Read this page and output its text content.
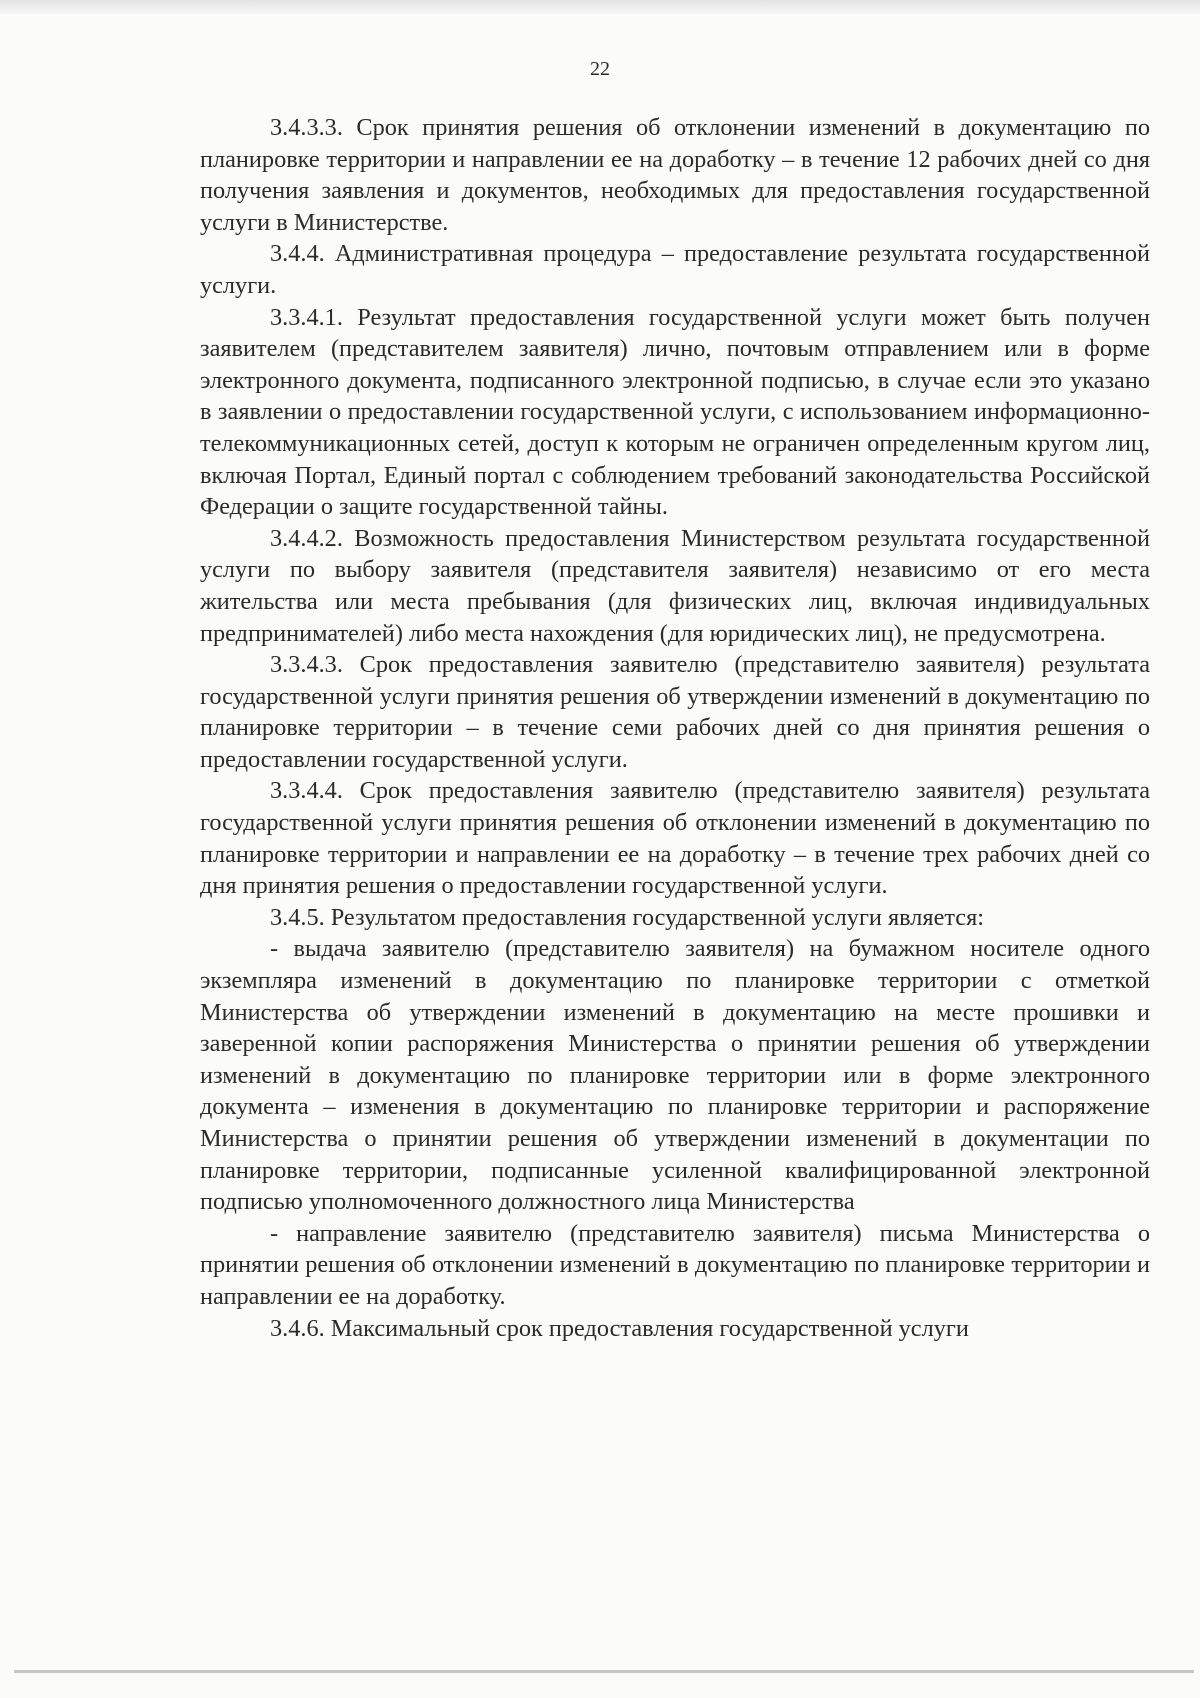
22

3.4.3.3. Срок принятия решения об отклонении изменений в документацию по планировке территории и направлении ее на доработку – в течение 12 рабочих дней со дня получения заявления и документов, необходимых для предоставления государственной услуги в Министерстве.

3.4.4. Административная процедура – предоставление результата государственной услуги.

3.3.4.1. Результат предоставления государственной услуги может быть получен заявителем (представителем заявителя) лично, почтовым отправлением или в форме электронного документа, подписанного электронной подписью, в случае если это указано в заявлении о предоставлении государственной услуги, с использованием информационно-телекоммуникационных сетей, доступ к которым не ограничен определенным кругом лиц, включая Портал, Единый портал с соблюдением требований законодательства Российской Федерации о защите государственной тайны.

3.4.4.2. Возможность предоставления Министерством результата государственной услуги по выбору заявителя (представителя заявителя) независимо от его места жительства или места пребывания (для физических лиц, включая индивидуальных предпринимателей) либо места нахождения (для юридических лиц), не предусмотрена.

3.3.4.3. Срок предоставления заявителю (представителю заявителя) результата государственной услуги принятия решения об утверждении изменений в документацию по планировке территории – в течение семи рабочих дней со дня принятия решения о предоставлении государственной услуги.

3.3.4.4. Срок предоставления заявителю (представителю заявителя) результата государственной услуги принятия решения об отклонении изменений в документацию по планировке территории и направлении ее на доработку – в течение трех рабочих дней со дня принятия решения о предоставлении государственной услуги.

3.4.5. Результатом предоставления государственной услуги является:

- выдача заявителю (представителю заявителя) на бумажном носителе одного экземпляра изменений в документацию по планировке территории с отметкой Министерства об утверждении изменений в документацию на месте прошивки и заверенной копии распоряжения Министерства о принятии решения об утверждении изменений в документацию по планировке территории или в форме электронного документа – изменения в документацию по планировке территории и распоряжение Министерства о принятии решения об утверждении изменений в документации по планировке территории, подписанные усиленной квалифицированной электронной подписью уполномоченного должностного лица Министерства

- направление заявителю (представителю заявителя) письма Министерства о принятии решения об отклонении изменений в документацию по планировке территории и направлении ее на доработку.

3.4.6. Максимальный срок предоставления государственной услуги
